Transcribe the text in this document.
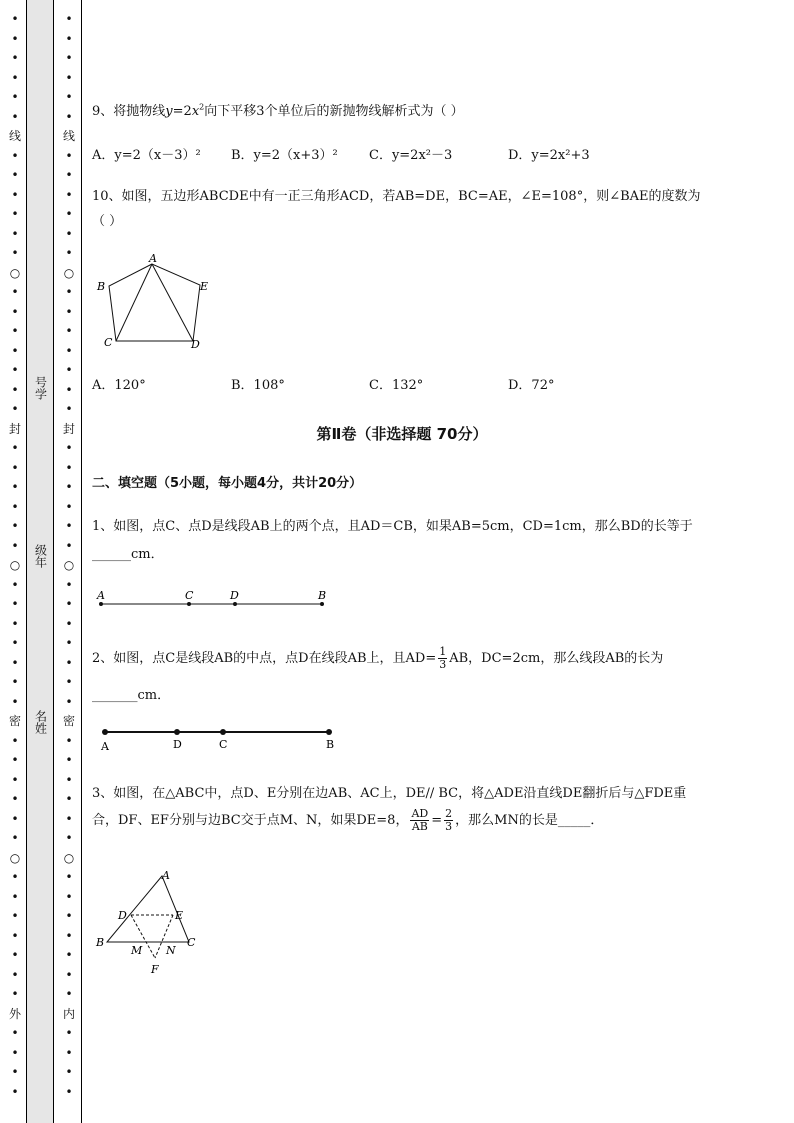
•
•
•
•
•
•
线
•
•
•
•
•
•
○
•
•
•
•
•
•
•
封
•
•
•
•
•
•
○
•
•
•
•
•
•
•
密
•
•
•
•
•
•
○
•
•
•
•
•
•
•
外
•
•
•
•
•
•
•
•
•
•
线
•
•
•
•
•
•
○
•
•
•
•
•
•
•
封
•
•
•
•
•
•
○
•
•
•
•
•
•
•
密
•
•
•
•
•
•
○
•
•
•
•
•
•
•
内
•
•
•
•
号学
级年
名姓
9、将抛物线$y=2x^2$向下平移3个单位后的新抛物线解析式为（ ）
A．y=2（x－3）² B．y=2（x+3）² C．y=2x²－3	D．y=2x²+3
10、如图，五边形ABCDE中有一正三角形ACD，若AB=DE，BC=AE，∠E=108°，则∠BAE的度数为
（ ）
A
B
C	D
E
A．120°	B．108°	C．132°	D．72°
第Ⅱ卷（非选择题 70分）
二、填空题（5小题，每小题4分，共计20分）
1、如图，点C、点D是线段AB上的两个点，且AD＝CB，如果AB=5cm，CD=1cm，那么BD的长等于
______cm．
A	C	D	B
2、如图，点C是线段AB的中点，点D在线段AB上，且$AD= \frac{1}{3}$ AB，DC=2cm，那么线段AB的长为
_______cm．
A	D	C	B
3、如图，在△ABC中，点D、E分别在边AB、AC上，DE// BC，将△ADE沿直线DE翻折后与△FDE重
合，DF、EF分别与边BC交于点M、N，如果DE=8， $\frac{AD}{AB} = \frac{2}{3}$ ，那么MN的长是_____．
A
B	C
D	E
M N
F
